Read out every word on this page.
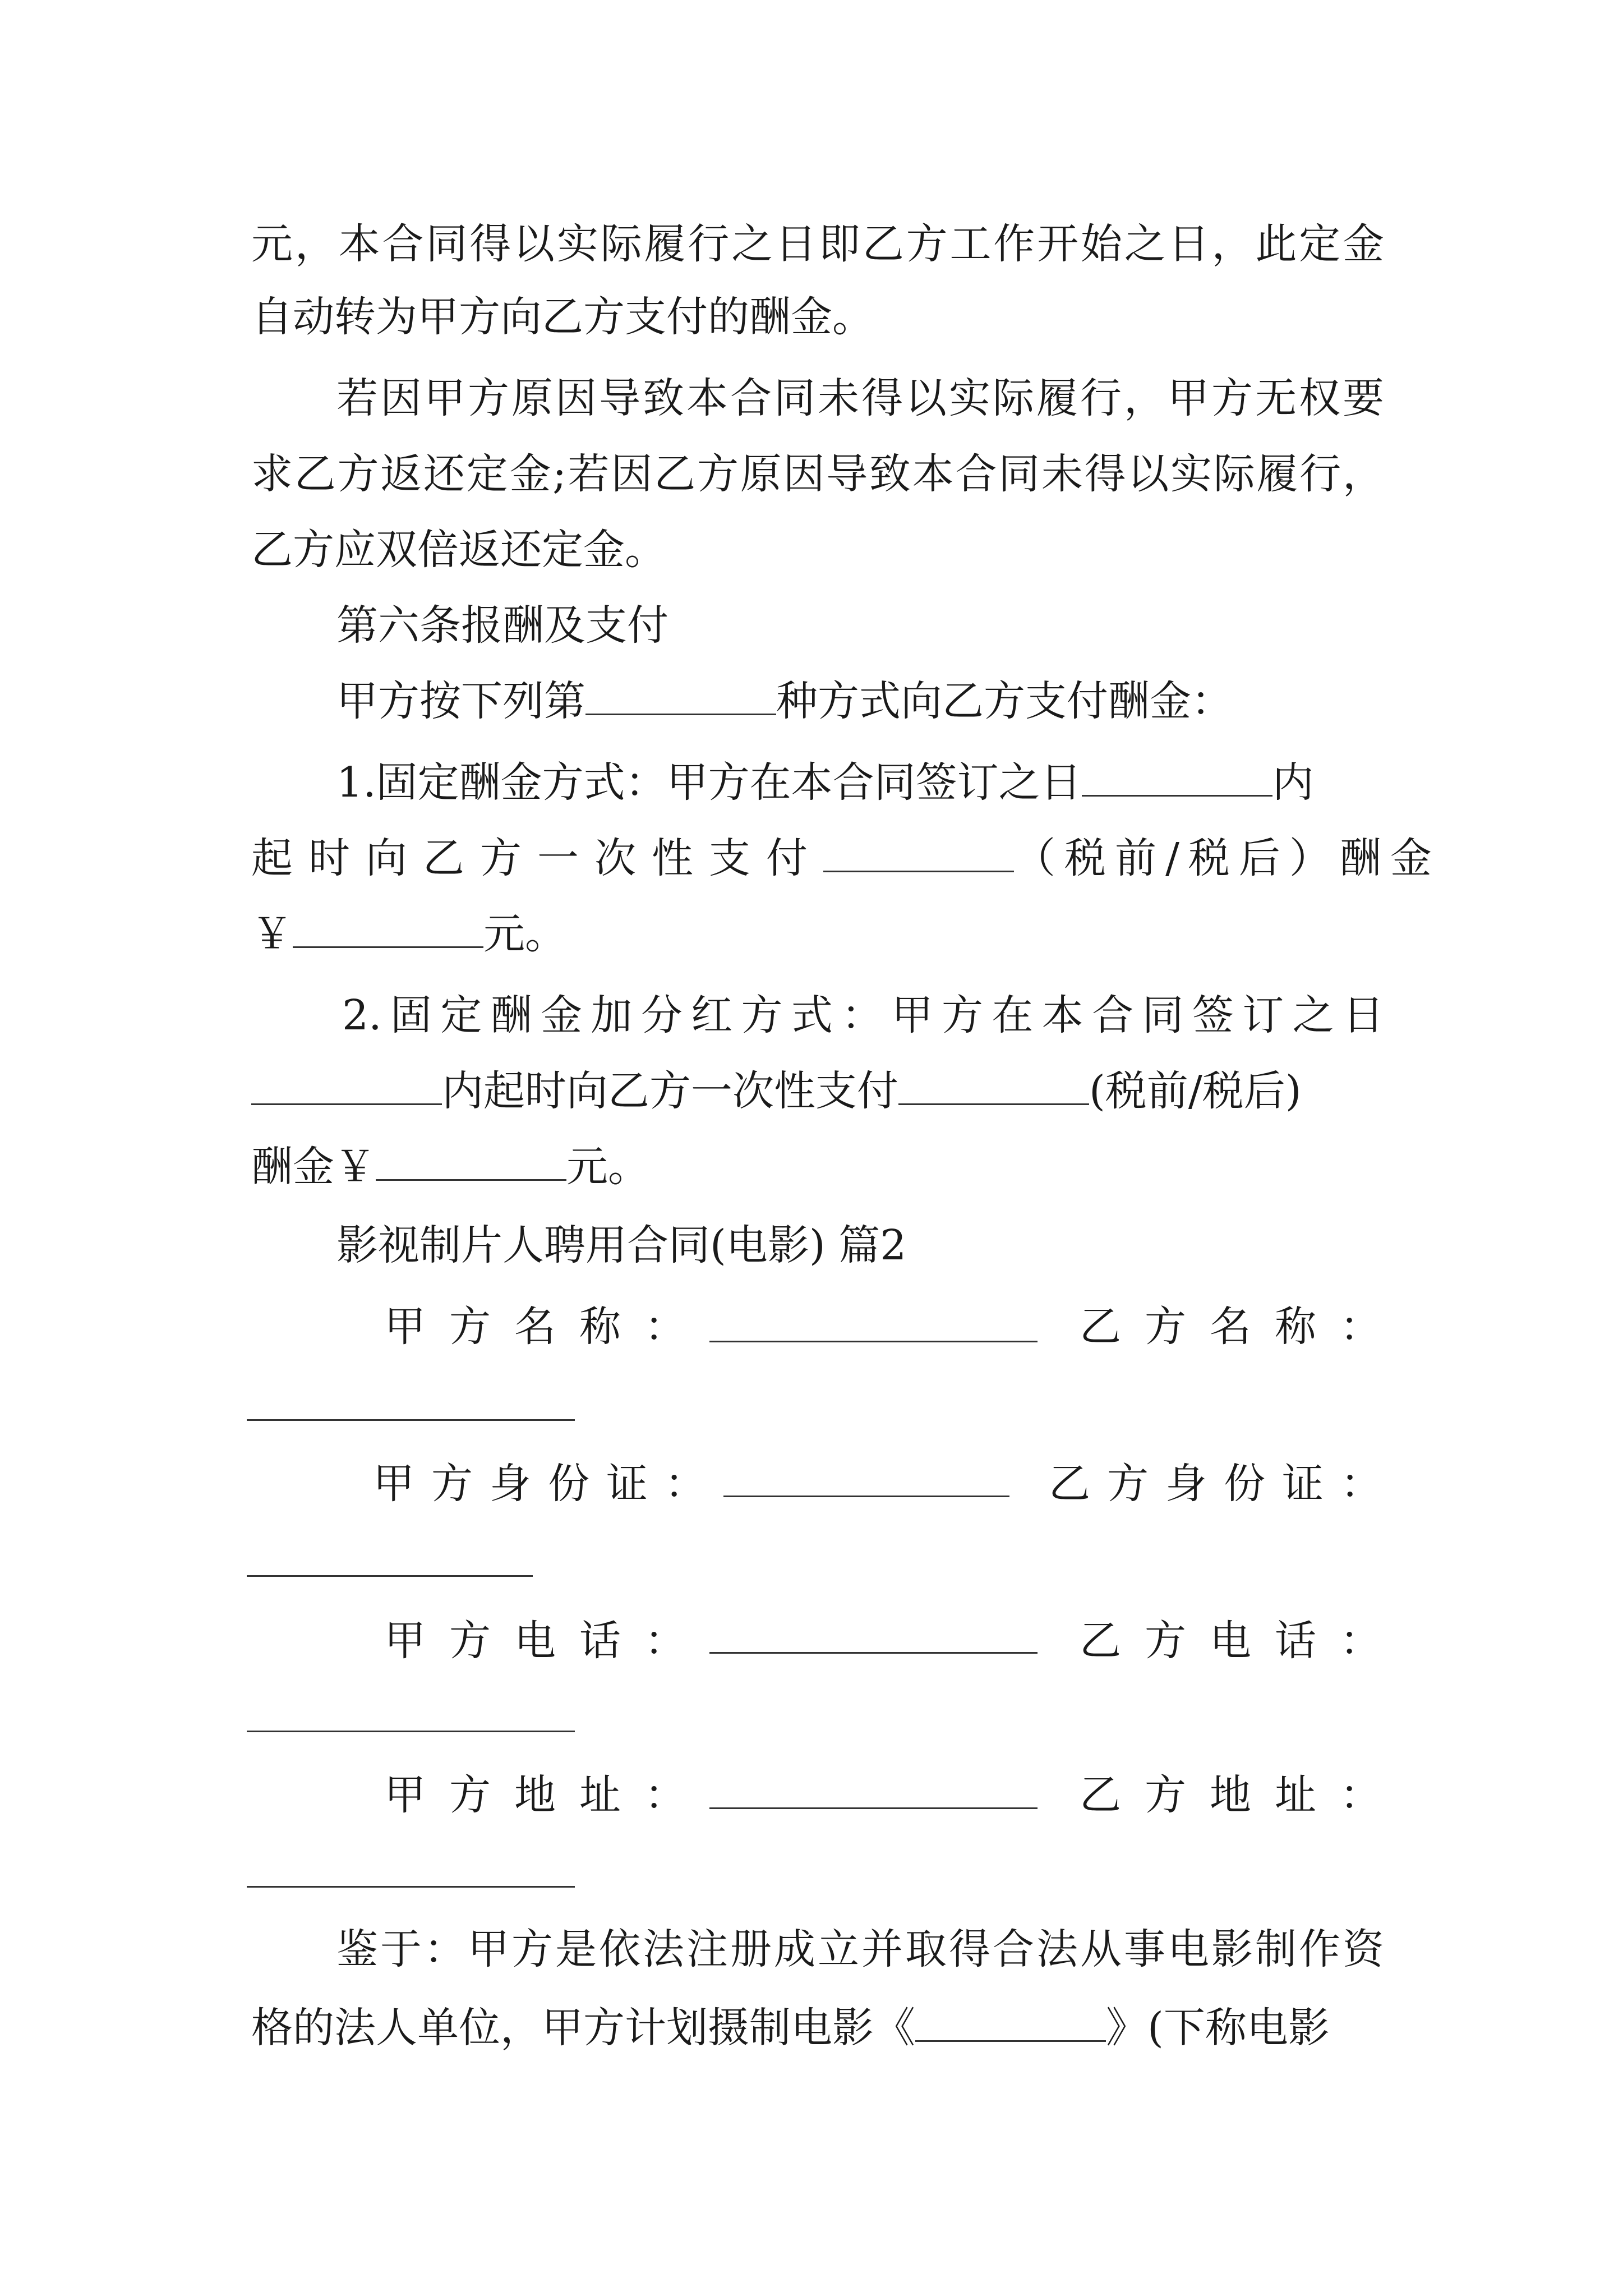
元，本合同得以实际履行之日即乙方工作开始之日，此定金
自动转为甲方向乙方支付的酬金。
若因甲方原因导致本合同未得以实际履行，甲方无权要
求乙方返还定金;若因乙方原因导致本合同未得以实际履行，
乙方应双倍返还定金。
第六条报酬及支付
甲方按下列第	种方式向乙方支付酬金：
1.固定酬金方式：甲方在本合同签订之日	内
起时向乙方一次性支付	（税前/税后）酬金
￥	元。
2.固定酬金加分红方式：甲方在本合同签订之日
内起时向乙方一次性支付	(税前/税后)
酬金￥	元。
影视制片人聘用合同(电影) 篇2
甲方名称：	乙方名称：
甲方身份证：	乙方身份证：
甲方电话：	乙方电话：
甲方地址：	乙方地址：
鉴于：甲方是依法注册成立并取得合法从事电影制作资
格的法人单位，甲方计划摄制电影《	》(下称电影
